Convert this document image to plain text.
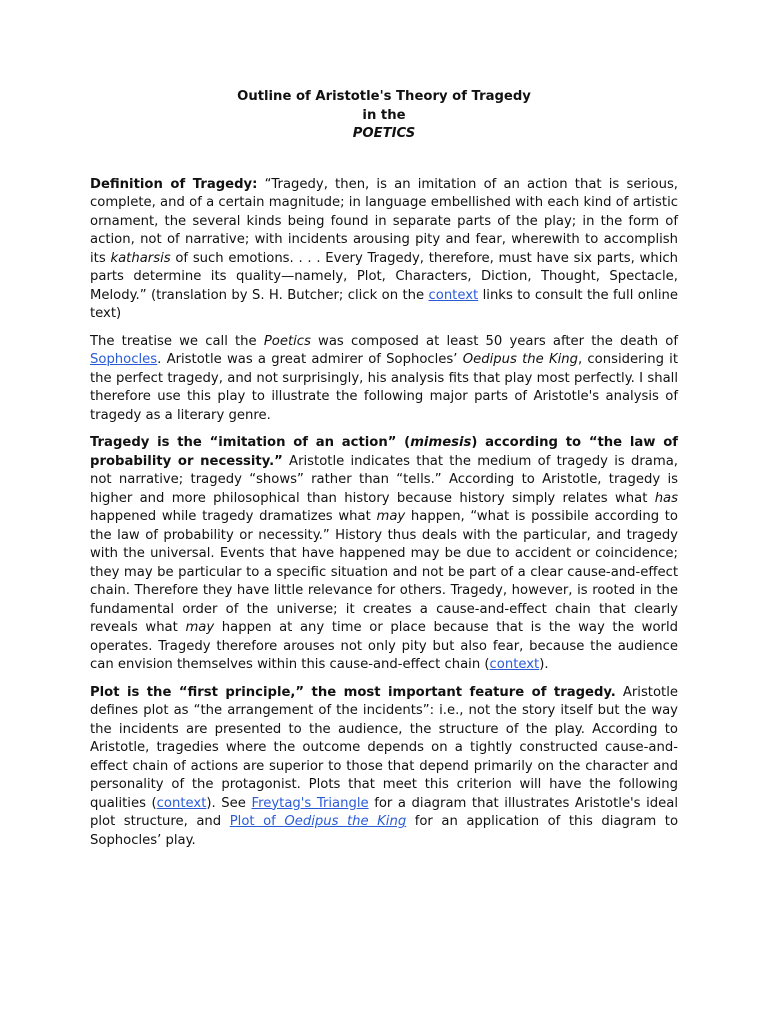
Outline of Aristotle's Theory of Tragedy
in the
POETICS

Definition of Tragedy: “Tragedy, then, is an imitation of an action that is serious, complete, and of a certain magnitude; in language embellished with each kind of artistic ornament, the several kinds being found in separate parts of the play; in the form of action, not of narrative; with incidents arousing pity and fear, wherewith to accomplish its katharsis of such emotions. . . . Every Tragedy, therefore, must have six parts, which parts determine its quality—namely, Plot, Characters, Diction, Thought, Spectacle, Melody.” (translation by S. H. Butcher; click on the context links to consult the full online text)

The treatise we call the Poetics was composed at least 50 years after the death of Sophocles. Aristotle was a great admirer of Sophocles’ Oedipus the King, considering it the perfect tragedy, and not surprisingly, his analysis fits that play most perfectly. I shall therefore use this play to illustrate the following major parts of Aristotle's analysis of tragedy as a literary genre.

Tragedy is the “imitation of an action” (mimesis) according to “the law of probability or necessity.” Aristotle indicates that the medium of tragedy is drama, not narrative; tragedy “shows” rather than “tells.” According to Aristotle, tragedy is higher and more philosophical than history because history simply relates what has happened while tragedy dramatizes what may happen, “what is possibile according to the law of probability or necessity.” History thus deals with the particular, and tragedy with the universal. Events that have happened may be due to accident or coincidence; they may be particular to a specific situation and not be part of a clear cause-and-effect chain. Therefore they have little relevance for others. Tragedy, however, is rooted in the fundamental order of the universe; it creates a cause-and-effect chain that clearly reveals what may happen at any time or place because that is the way the world operates. Tragedy therefore arouses not only pity but also fear, because the audience can envision themselves within this cause-and-effect chain (context).

Plot is the “first principle,” the most important feature of tragedy. Aristotle defines plot as “the arrangement of the incidents”: i.e., not the story itself but the way the incidents are presented to the audience, the structure of the play. According to Aristotle, tragedies where the outcome depends on a tightly constructed cause-and-effect chain of actions are superior to those that depend primarily on the character and personality of the protagonist. Plots that meet this criterion will have the following qualities (context). See Freytag's Triangle for a diagram that illustrates Aristotle's ideal plot structure, and Plot of Oedipus the King for an application of this diagram to Sophocles’ play.
